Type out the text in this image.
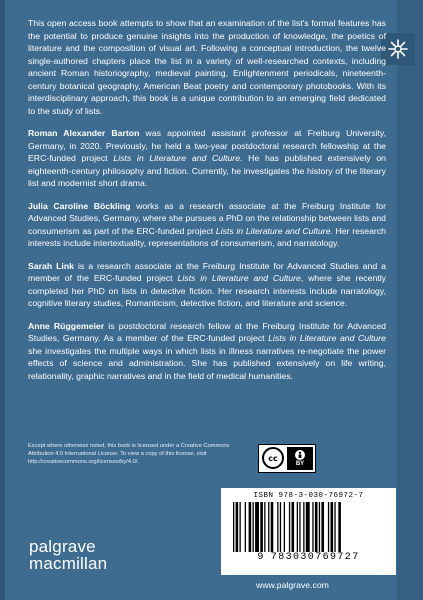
This open access book attempts to show that an examination of the list's formal features has the potential to produce genuine insights into the production of knowledge, the poetics of literature and the composition of visual art. Following a conceptual introduction, the twelve single-authored chapters place the list in a variety of well-researched contexts, including ancient Roman historiography, medieval painting, Enlightenment periodicals, nineteenth-century botanical geography, American Beat poetry and contemporary photobooks. With its interdisciplinary approach, this book is a unique contribution to an emerging field dedicated to the study of lists.

Roman Alexander Barton was appointed assistant professor at Freiburg University, Germany, in 2020. Previously, he held a two-year postdoctoral research fellowship at the ERC-funded project Lists in Literature and Culture. He has published extensively on eighteenth-century philosophy and fiction. Currently, he investigates the history of the literary list and modernist short drama.

Julia Caroline Böckling works as a research associate at the Freiburg Institute for Advanced Studies, Germany, where she pursues a PhD on the relationship between lists and consumerism as part of the ERC-funded project Lists in Literature and Culture. Her research interests include intertextuality, representations of consumerism, and narratology.

Sarah Link is a research associate at the Freiburg Institute for Advanced Studies and a member of the ERC-funded project Lists in Literature and Culture, where she recently completed her PhD on lists in detective fiction. Her research interests include narratology, cognitive literary studies, Romanticism, detective fiction, and literature and science.

Anne Rüggemeier is postdoctoral research fellow at the Freiburg Institute for Advanced Studies, Germany. As a member of the ERC-funded project Lists in Literature and Culture she investigates the multiple ways in which lists in illness narratives re-negotiate the power effects of science and administration. She has published extensively on life writing, relationality, graphic narratives and in the field of medical humanities.

Except where otherwise noted, this book is licensed under a Creative Commons Attribution 4.0 International License. To view a copy of this license, visit http://creativecommons.org/licenses/by/4.0/.	cc
BY
ISBN 978-3-030-76972-7
9 783030769727
palgrave
macmillan
www.palgrave.com
